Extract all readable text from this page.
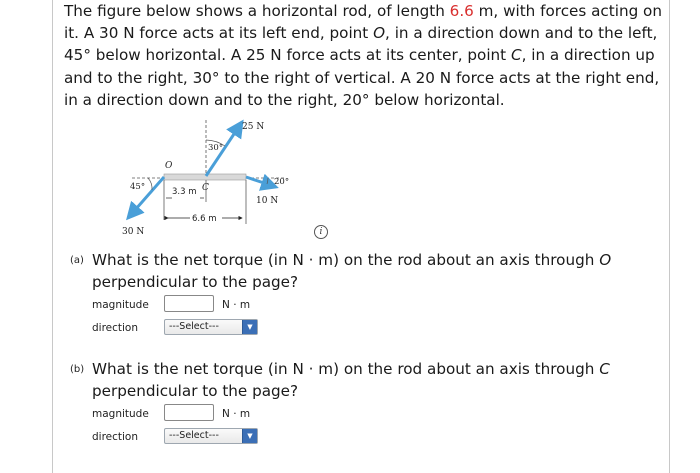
The figure below shows a horizontal rod, of length 6.6 m, with forces acting on it. A 30 N force acts at its left end, point O, in a direction down and to the left, 45° below horizontal. A 25 N force acts at its center, point C, in a direction up and to the right, 30° to the right of vertical. A 20 N force acts at the right end, in a direction down and to the right, 20° below horizontal.

25 N
30°
O
C
20°
45°	3.3 m
10 N
6.6 m
30 N	i
(a) What is the net torque (in N · m) on the rod about an axis through O perpendicular to the page?
magnitude	N · m
direction	---Select---	▼
(b) What is the net torque (in N · m) on the rod about an axis through C perpendicular to the page?
magnitude	N · m
direction	---Select---	▼
